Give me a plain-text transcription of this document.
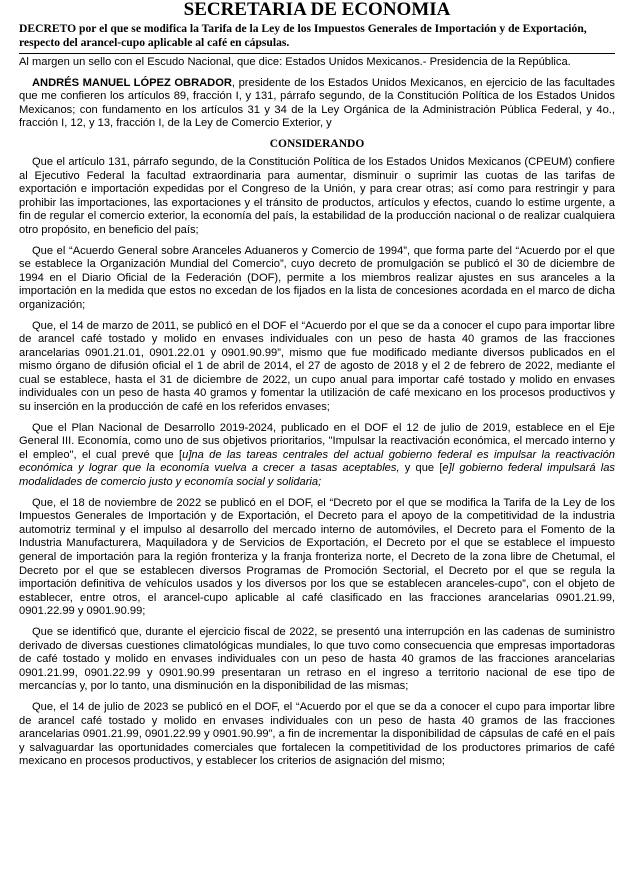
SECRETARIA DE ECONOMIA

DECRETO por el que se modifica la Tarifa de la Ley de los Impuestos Generales de Importación y de Exportación, respecto del arancel-cupo aplicable al café en cápsulas.

Al margen un sello con el Escudo Nacional, que dice: Estados Unidos Mexicanos.- Presidencia de la República.

ANDRÉS MANUEL LÓPEZ OBRADOR, presidente de los Estados Unidos Mexicanos, en ejercicio de las facultades que me confieren los artículos 89, fracción I, y 131, párrafo segundo, de la Constitución Política de los Estados Unidos Mexicanos; con fundamento en los artículos 31 y 34 de la Ley Orgánica de la Administración Pública Federal, y 4o., fracción I, 12, y 13, fracción I, de la Ley de Comercio Exterior, y

CONSIDERANDO

Que el artículo 131, párrafo segundo, de la Constitución Política de los Estados Unidos Mexicanos (CPEUM) confiere al Ejecutivo Federal la facultad extraordinaria para aumentar, disminuir o suprimir las cuotas de las tarifas de exportación e importación expedidas por el Congreso de la Unión, y para crear otras; así como para restringir y para prohibir las importaciones, las exportaciones y el tránsito de productos, artículos y efectos, cuando lo estime urgente, a fin de regular el comercio exterior, la economía del país, la estabilidad de la producción nacional o de realizar cualquiera otro propósito, en beneficio del país;

Que el “Acuerdo General sobre Aranceles Aduaneros y Comercio de 1994”, que forma parte del “Acuerdo por el que se establece la Organización Mundial del Comercio”, cuyo decreto de promulgación se publicó el 30 de diciembre de 1994 en el Diario Oficial de la Federación (DOF), permite a los miembros realizar ajustes en sus aranceles a la importación en la medida que estos no excedan de los fijados en la lista de concesiones acordada en el marco de dicha organización;

Que, el 14 de marzo de 2011, se publicó en el DOF el “Acuerdo por el que se da a conocer el cupo para importar libre de arancel café tostado y molido en envases individuales con un peso de hasta 40 gramos de las fracciones arancelarias 0901.21.01, 0901.22.01 y 0901.90.99”, mismo que fue modificado mediante diversos publicados en el mismo órgano de difusión oficial el 1 de abril de 2014, el 27 de agosto de 2018 y el 2 de febrero de 2022, mediante el cual se establece, hasta el 31 de diciembre de 2022, un cupo anual para importar café tostado y molido en envases individuales con un peso de hasta 40 gramos y fomentar la utilización de café mexicano en los procesos productivos y su inserción en la producción de café en los referidos envases;

Que el Plan Nacional de Desarrollo 2019-2024, publicado en el DOF el 12 de julio de 2019, establece en el Eje General III. Economía, como uno de sus objetivos prioritarios, "Impulsar la reactivación económica, el mercado interno y el empleo", el cual prevé que [u]na de las tareas centrales del actual gobierno federal es impulsar la reactivación económica y lograr que la economía vuelva a crecer a tasas aceptables, y que [e]l gobierno federal impulsará las modalidades de comercio justo y economía social y solidaria;

Que, el 18 de noviembre de 2022 se publicó en el DOF, el “Decreto por el que se modifica la Tarifa de la Ley de los Impuestos Generales de Importación y de Exportación, el Decreto para el apoyo de la competitividad de la industria automotriz terminal y el impulso al desarrollo del mercado interno de automóviles, el Decreto para el Fomento de la Industria Manufacturera, Maquiladora y de Servicios de Exportación, el Decreto por el que se establece el impuesto general de importación para la región fronteriza y la franja fronteriza norte, el Decreto de la zona libre de Chetumal, el Decreto por el que se establecen diversos Programas de Promoción Sectorial, el Decreto por el que se regula la importación definitiva de vehículos usados y los diversos por los que se establecen aranceles-cupo”, con el objeto de establecer, entre otros, el arancel-cupo aplicable al café clasificado en las fracciones arancelarias 0901.21.99, 0901.22.99 y 0901.90.99;

Que se identificó que, durante el ejercicio fiscal de 2022, se presentó una interrupción en las cadenas de suministro derivado de diversas cuestiones climatológicas mundiales, lo que tuvo como consecuencia que empresas importadoras de café tostado y molido en envases individuales con un peso de hasta 40 gramos de las fracciones arancelarias 0901.21.99, 0901.22.99 y 0901.90.99 presentaran un retraso en el ingreso a territorio nacional de ese tipo de mercancías y, por lo tanto, una disminución en la disponibilidad de las mismas;

Que, el 14 de julio de 2023 se publicó en el DOF, el “Acuerdo por el que se da a conocer el cupo para importar libre de arancel café tostado y molido en envases individuales con un peso de hasta 40 gramos de las fracciones arancelarias 0901.21.99, 0901.22.99 y 0901.90.99”, a fin de incrementar la disponibilidad de cápsulas de café en el país y salvaguardar las oportunidades comerciales que fortalecen la competitividad de los productores primarios de café mexicano en procesos productivos, y establecer los criterios de asignación del mismo;
